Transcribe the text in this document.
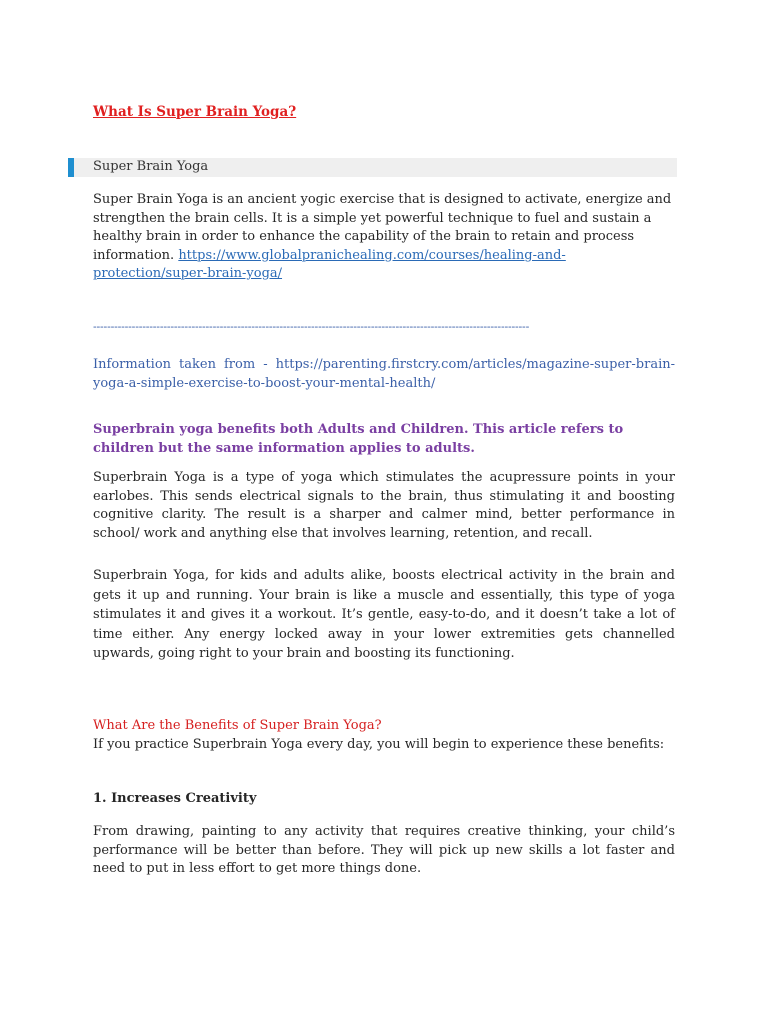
What Is Super Brain Yoga?
Super Brain Yoga
Super Brain Yoga is an ancient yogic exercise that is designed to activate, energize and strengthen the brain cells. It is a simple yet powerful technique to fuel and sustain a healthy brain in order to enhance the capability of the brain to retain and process information. https://www.globalpranichealing.com/courses/healing-and-protection/super-brain-yoga/
----------------------------------------------------------------------------------------------------------------------------
Information taken from - https://parenting.firstcry.com/articles/magazine-super-brain-yoga-a-simple-exercise-to-boost-your-mental-health/
Superbrain yoga benefits both Adults and Children. This article refers to children but the same information applies to adults.
Superbrain Yoga is a type of yoga which stimulates the acupressure points in your earlobes. This sends electrical signals to the brain, thus stimulating it and boosting cognitive clarity. The result is a sharper and calmer mind, better performance in school/ work and anything else that involves learning, retention, and recall.
Superbrain Yoga, for kids and adults alike, boosts electrical activity in the brain and gets it up and running. Your brain is like a muscle and essentially, this type of yoga stimulates it and gives it a workout. It’s gentle, easy-to-do, and it doesn’t take a lot of time either. Any energy locked away in your lower extremities gets channelled upwards, going right to your brain and boosting its functioning.
What Are the Benefits of Super Brain Yoga?
If you practice Superbrain Yoga every day, you will begin to experience these benefits:
1. Increases Creativity
From drawing, painting to any activity that requires creative thinking, your child’s performance will be better than before. They will pick up new skills a lot faster and need to put in less effort to get more things done.
